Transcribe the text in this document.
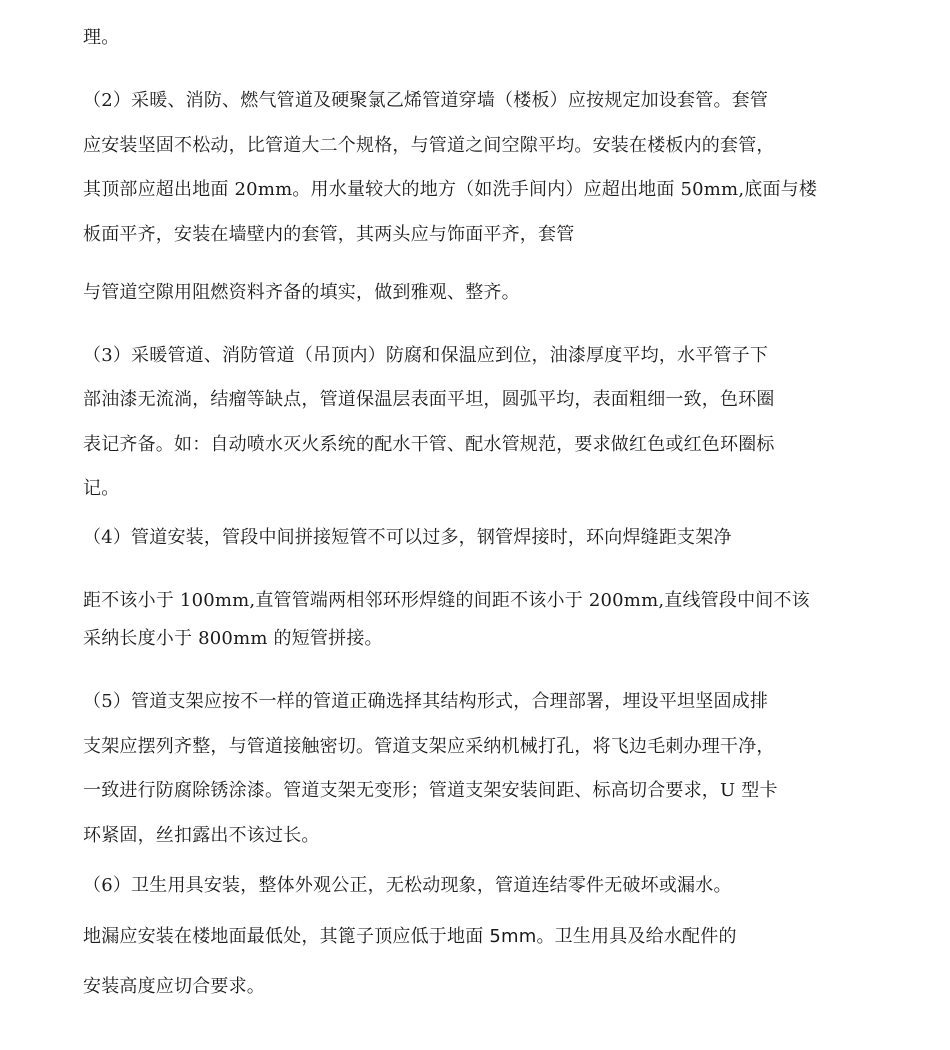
理。
（2）采暖、消防、燃气管道及硬聚氯乙烯管道穿墙（楼板）应按规定加设套管。套管
应安装坚固不松动，比管道大二个规格，与管道之间空隙平均。安装在楼板内的套管，
其顶部应超出地面 20mm。用水量较大的地方（如洗手间内）应超出地面 50mm,底面与楼
板面平齐，安装在墙壁内的套管，其两头应与饰面平齐，套管
与管道空隙用阻燃资料齐备的填实，做到雅观、整齐。
（3）采暖管道、消防管道（吊顶内）防腐和保温应到位，油漆厚度平均，水平管子下
部油漆无流淌，结瘤等缺点，管道保温层表面平坦，圆弧平均，表面粗细一致，色环圈
表记齐备。如：自动喷水灭火系统的配水干管、配水管规范，要求做红色或红色环圈标
记。
（4）管道安装，管段中间拼接短管不可以过多，钢管焊接时，环向焊缝距支架净
距不该小于 100mm,直管管端两相邻环形焊缝的间距不该小于 200mm,直线管段中间不该
采纳长度小于 800mm 的短管拼接。
（5）管道支架应按不一样的管道正确选择其结构形式，合理部署，埋设平坦坚固成排
支架应摆列齐整，与管道接触密切。管道支架应采纳机械打孔，将飞边毛刺办理干净，
一致进行防腐除锈涂漆。管道支架无变形；管道支架安装间距、标高切合要求，U 型卡
环紧固，丝扣露出不该过长。
（6）卫生用具安装，整体外观公正，无松动现象，管道连结零件无破坏或漏水。
地漏应安装在楼地面最低处，其篦子顶应低于地面 5mm。卫生用具及给水配件的
安装高度应切合要求。
